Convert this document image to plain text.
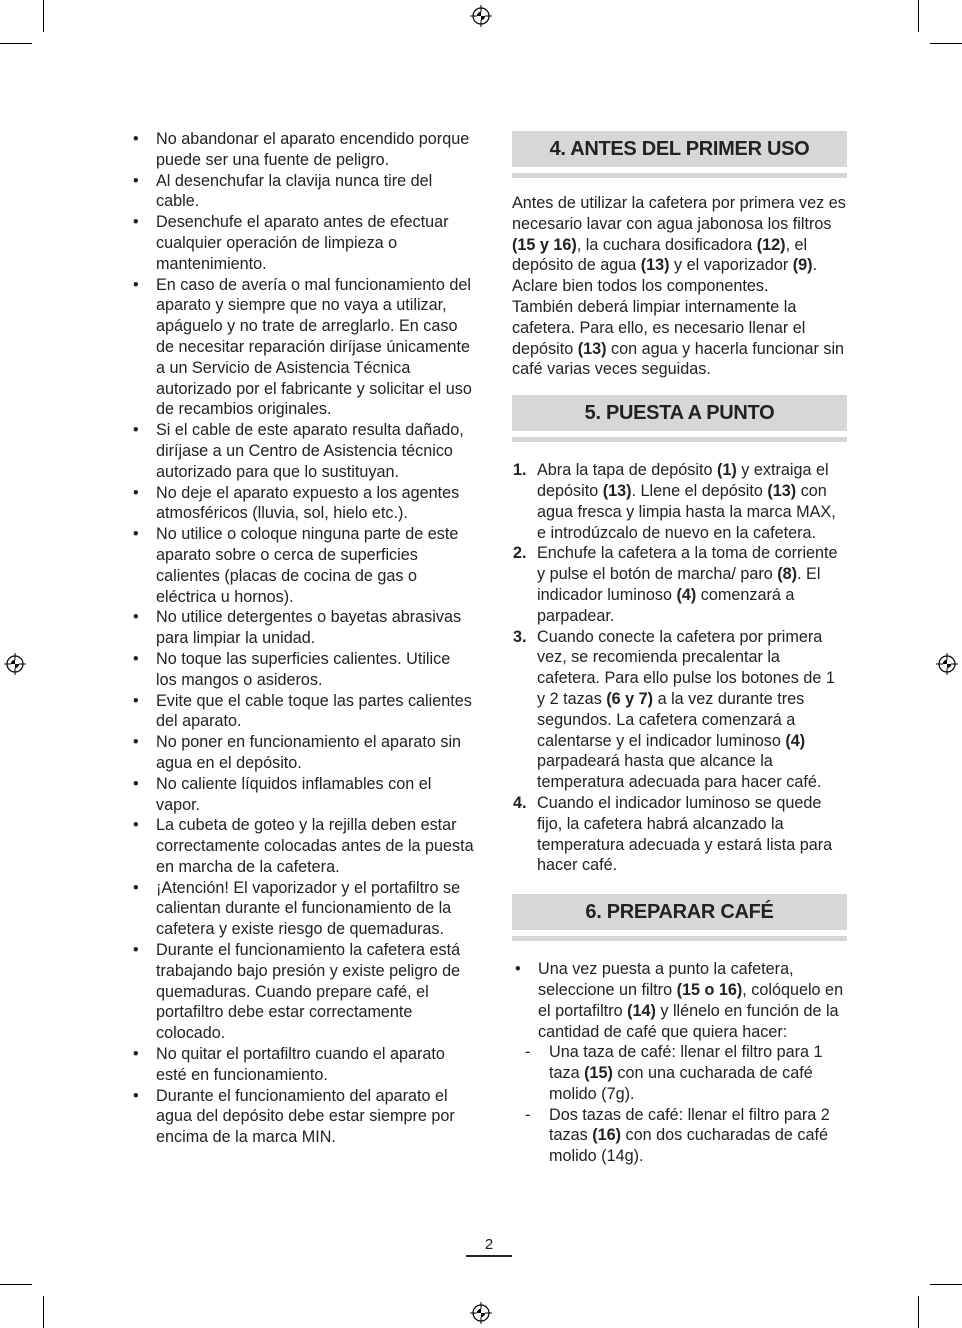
• No abandonar el aparato encendido porque puede ser una fuente de peligro.
• Al desenchufar la clavija nunca tire del cable.
• Desenchufe el aparato antes de efectuar cualquier operación de limpieza o mantenimiento.
• En caso de avería o mal funcionamiento del aparato y siempre que no vaya a utilizar, apáguelo y no trate de arreglarlo. En caso de necesitar reparación diríjase únicamente a un Servicio de Asistencia Técnica autorizado por el fabricante y solicitar el uso de recambios originales.
• Si el cable de este aparato resulta dañado, diríjase a un Centro de Asistencia técnico autorizado para que lo sustituyan.
• No deje el aparato expuesto a los agentes atmosféricos (lluvia, sol, hielo etc.).
• No utilice o coloque ninguna parte de este aparato sobre o cerca de superficies calientes (placas de cocina de gas o eléctrica u hornos).
• No utilice detergentes o bayetas abrasivas para limpiar la unidad.
• No toque las superficies calientes. Utilice los mangos o asideros.
• Evite que el cable toque las partes calientes del aparato.
• No poner en funcionamiento el aparato sin agua en el depósito.
• No caliente líquidos inflamables con el vapor.
• La cubeta de goteo y la rejilla deben estar correctamente colocadas antes de la puesta en marcha de la cafetera.
• ¡Atención! El vaporizador y el portafiltro se calientan durante el funcionamiento de la cafetera y existe riesgo de quemaduras.
• Durante el funcionamiento la cafetera está trabajando bajo presión y existe peligro de quemaduras. Cuando prepare café, el portafiltro debe estar correctamente colocado.
• No quitar el portafiltro cuando el aparato esté en funcionamiento.
• Durante el funcionamiento del aparato el agua del depósito debe estar siempre por encima de la marca MIN.
4. ANTES DEL PRIMER USO

Antes de utilizar la cafetera por primera vez es necesario lavar con agua jabonosa los filtros (15 y 16), la cuchara dosificadora (12), el depósito de agua (13) y el vaporizador (9). Aclare bien todos los componentes.

También deberá limpiar internamente la cafetera. Para ello, es necesario llenar el depósito (13) con agua y hacerla funcionar sin café varias veces seguidas.

5. PUESTA A PUNTO
1. Abra la tapa de depósito (1) y extraiga el depósito (13). Llene el depósito (13) con agua fresca y limpia hasta la marca MAX, e introdúzcalo de nuevo en la cafetera.
2. Enchufe la cafetera a la toma de corriente y pulse el botón de marcha/ paro (8). El indicador luminoso (4) comenzará a parpadear.
3. Cuando conecte la cafetera por primera vez, se recomienda precalentar la cafetera. Para ello pulse los botones de 1 y 2 tazas (6 y 7) a la vez durante tres segundos. La cafetera comenzará a calentarse y el indicador luminoso (4) parpadeará hasta que alcance la temperatura adecuada para hacer café.
4. Cuando el indicador luminoso se quede fijo, la cafetera habrá alcanzado la temperatura adecuada y estará lista para hacer café.
6. PREPARAR CAFÉ
• Una vez puesta a punto la cafetera, seleccione un filtro (15 o 16), colóquelo en el portafiltro (14) y llénelo en función de la cantidad de café que quiera hacer:
- Una taza de café: llenar el filtro para 1 taza (15) con una cucharada de café molido (7g).
- Dos tazas de café: llenar el filtro para 2 tazas (16) con dos cucharadas de café molido (14g).
2
